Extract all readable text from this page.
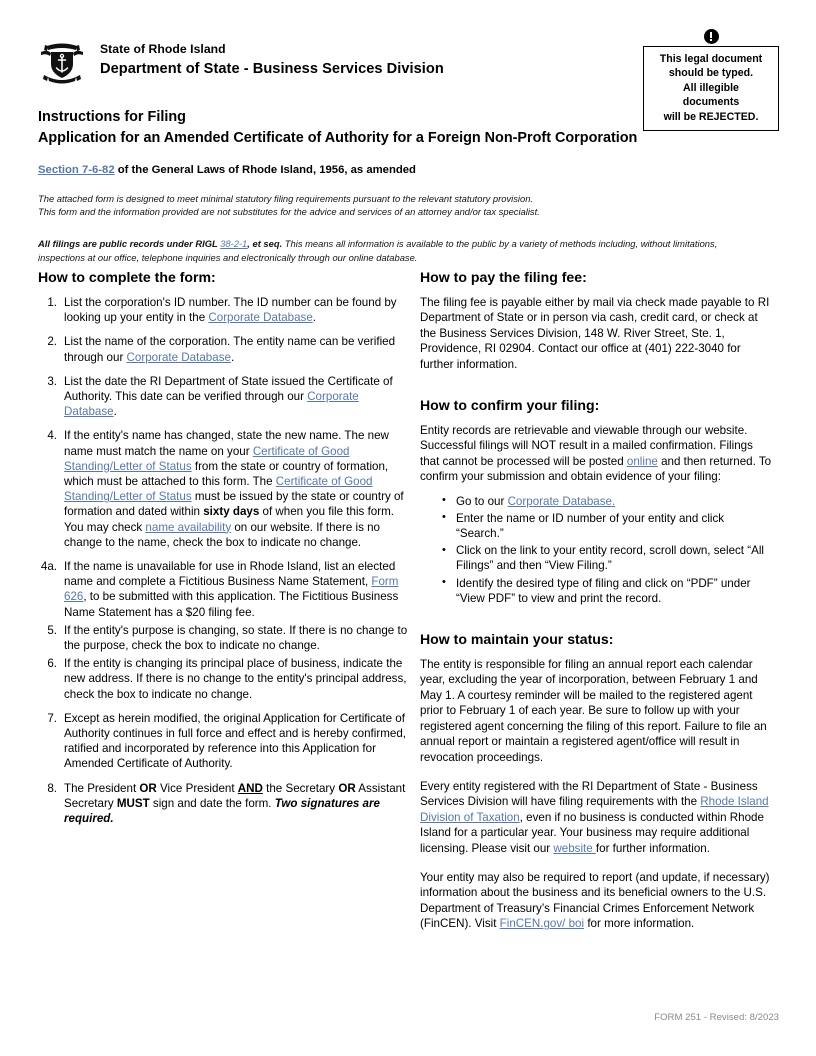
State of Rhode Island
Department of State - Business Services Division
This legal document
should be typed.
All illegible
documents
will be REJECTED.
Instructions for Filing
Application for an Amended Certificate of Authority for a Foreign Non-Proft Corporation
Section 7-6-82 of the General Laws of Rhode Island, 1956, as amended
The attached form is designed to meet minimal statutory filing requirements pursuant to the relevant statutory provision.
This form and the information provided are not substitutes for the advice and services of an attorney and/or tax specialist.
All filings are public records under RIGL 38-2-1, et seq. This means all information is available to the public by a variety of methods including, without limitations, inspections at our office, telephone inquiries and electronically through our online database.
How to complete the form:
1. List the corporation's ID number. The ID number can be found by looking up your entity in the Corporate Database.
2. List the name of the corporation. The entity name can be verified through our Corporate Database.
3. List the date the RI Department of State issued the Certificate of Authority. This date can be verified through our Corporate Database.
4. If the entity's name has changed, state the new name. The new name must match the name on your Certificate of Good Standing/Letter of Status from the state or country of formation, which must be attached to this form. The Certificate of Good Standing/Letter of Status must be issued by the state or country of formation and dated within sixty days of when you file this form. You may check name availability on our website. If there is no change to the name, check the box to indicate no change.
4a. If the name is unavailable for use in Rhode Island, list an elected name and complete a Fictitious Business Name Statement, Form 626, to be submitted with this application. The Fictitious Business Name Statement has a $20 filing fee.
5. If the entity's purpose is changing, so state. If there is no change to the purpose, check the box to indicate no change.
6. If the entity is changing its principal place of business, indicate the new address. If there is no change to the entity's principal address, check the box to indicate no change.
7. Except as herein modified, the original Application for Certificate of Authority continues in full force and effect and is hereby confirmed, ratified and incorporated by reference into this Application for Amended Certificate of Authority.
8. The President OR Vice President AND the Secretary OR Assistant Secretary MUST sign and date the form. Two signatures are required.
How to pay the filing fee:

The filing fee is payable either by mail via check made payable to RI Department of State or in person via cash, credit card, or check at the Business Services Division, 148 W. River Street, Ste. 1, Providence, RI 02904. Contact our office at (401) 222-3040 for further information.

How to confirm your filing:

Entity records are retrievable and viewable through our website. Successful filings will NOT result in a mailed confirmation. Filings that cannot be processed will be posted online and then returned. To confirm your submission and obtain evidence of your filing:

• Go to our Corporate Database.
• Enter the name or ID number of your entity and click “Search.”
• Click on the link to your entity record, scroll down, select “All Filings” and then “View Filing.”
• Identify the desired type of filing and click on “PDF” under “View PDF” to view and print the record.
How to maintain your status:

The entity is responsible for filing an annual report each calendar year, excluding the year of incorporation, between February 1 and May 1. A courtesy reminder will be mailed to the registered agent prior to February 1 of each year. Be sure to follow up with your registered agent concerning the filing of this report. Failure to file an annual report or maintain a registered agent/office will result in revocation proceedings.

Every entity registered with the RI Department of State - Business Services Division will have filing requirements with the Rhode Island Division of Taxation, even if no business is conducted within Rhode Island for a particular year. Your business may require additional licensing. Please visit our website for further information.

Your entity may also be required to report (and update, if necessary) information about the business and its beneficial owners to the U.S. Department of Treasury’s Financial Crimes Enforcement Network (FinCEN). Visit FinCEN.gov/ boi for more information.

FORM 251 - Revised: 8/2023
